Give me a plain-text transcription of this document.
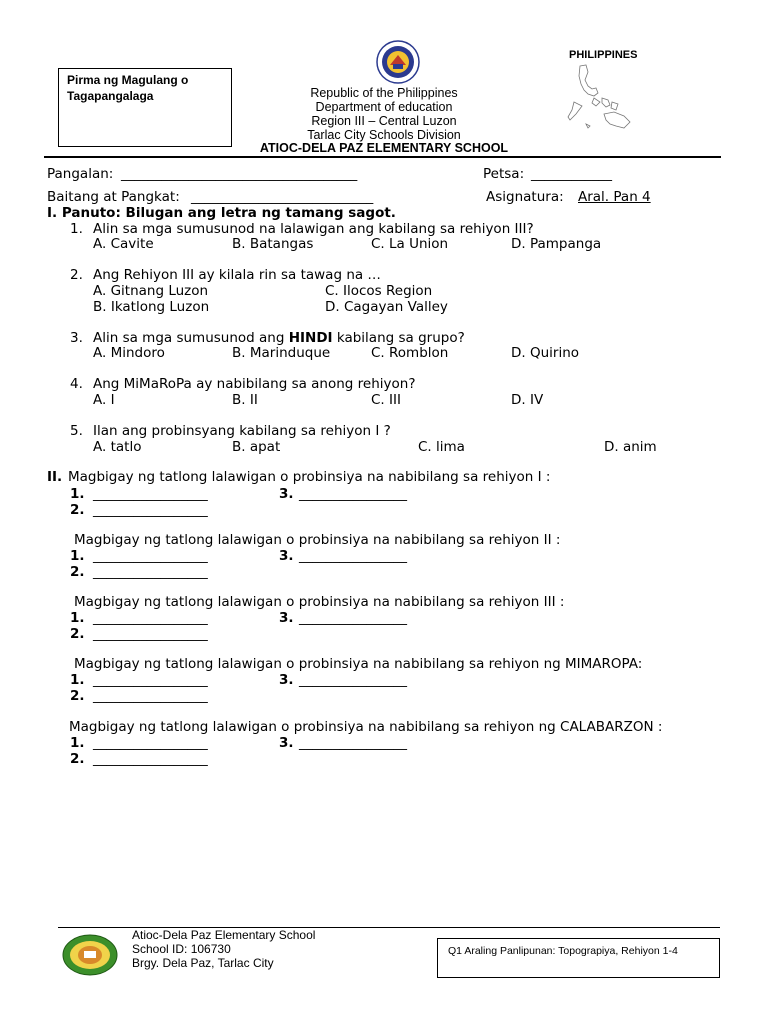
Pirma ng Magulang o
Tagapangalaga	Republic of the Philippines
Department of education
Region III – Central Luzon
Tarlac City Schools Division
ATIOC-DELA PAZ ELEMENTARY SCHOOL
PHILIPPINES
Pangalan: ___________________________________	Petsa: ____________
Baitang at Pangkat: ___________________________	Asignatura: Aral. Pan 4
I. Panuto: Bilugan ang letra ng tamang sagot.
1. Alin sa mga sumusunod na lalawigan ang kabilang sa rehiyon III?
A. Cavite	B. Batangas	C. La Union	D. Pampanga
2. Ang Rehiyon III ay kilala rin sa tawag na …
A. Gitnang Luzon	C. Ilocos Region
B. Ikatlong Luzon	D. Cagayan Valley
3. Alin sa mga sumusunod ang HINDI kabilang sa grupo?
A. Mindoro	B. Marinduque	C. Romblon	D. Quirino
4. Ang MiMaRoPa ay nabibilang sa anong rehiyon?
A. I	B. II	C. III	D. IV
5. Ilan ang probinsyang kabilang sa rehiyon I ?
A. tatlo	B. apat	C. lima	D. anim
II. Magbigay ng tatlong lalawigan o probinsiya na nabibilang sa rehiyon I :
1. _________________	3. ________________
2. _________________
Magbigay ng tatlong lalawigan o probinsiya na nabibilang sa rehiyon II :
1. _________________	3. ________________
2. _________________
Magbigay ng tatlong lalawigan o probinsiya na nabibilang sa rehiyon III :
1. _________________	3. ________________
2. _________________
Magbigay ng tatlong lalawigan o probinsiya na nabibilang sa rehiyon ng MIMAROPA:
1. _________________	3. ________________
2. _________________
Magbigay ng tatlong lalawigan o probinsiya na nabibilang sa rehiyon ng CALABARZON :
1. _________________	3. ________________
2. _________________
Atioc-Dela Paz Elementary School
School ID: 106730
Brgy. Dela Paz, Tarlac City
Q1 Araling Panlipunan: Topograpiya, Rehiyon 1-4
